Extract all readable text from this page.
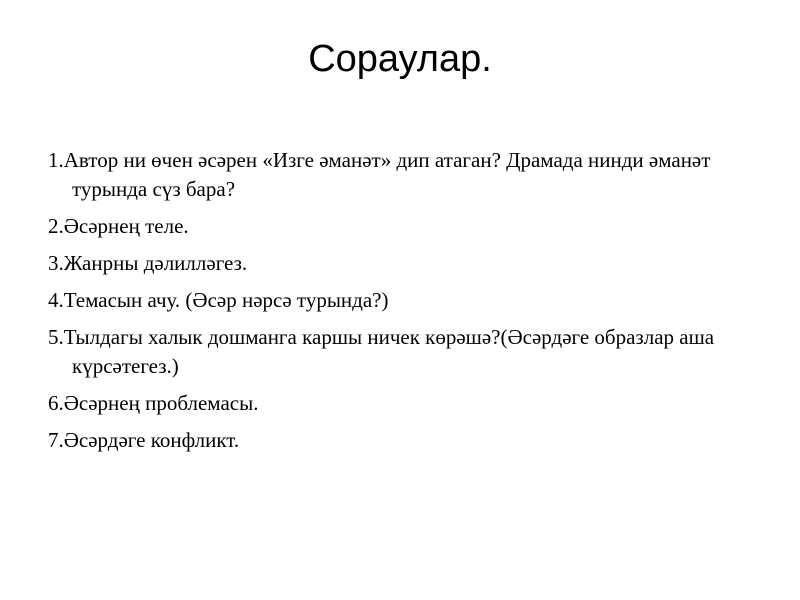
Сораулар.
1.Автор ни өчен әсәрен «Изге әманәт» дип атаган? Драмада нинди әманәт турында сүз бара?
2.Әсәрнең теле.
3.Жанрны дәлилләгез.
4.Темасын ачу. (Әсәр нәрсә турында?)
5.Тылдагы халык дошманга каршы ничек көрәшә?(Әсәрдәге образлар аша күрсәтегез.)
6.Әсәрнең проблемасы.
7.Әсәрдәге конфликт.
